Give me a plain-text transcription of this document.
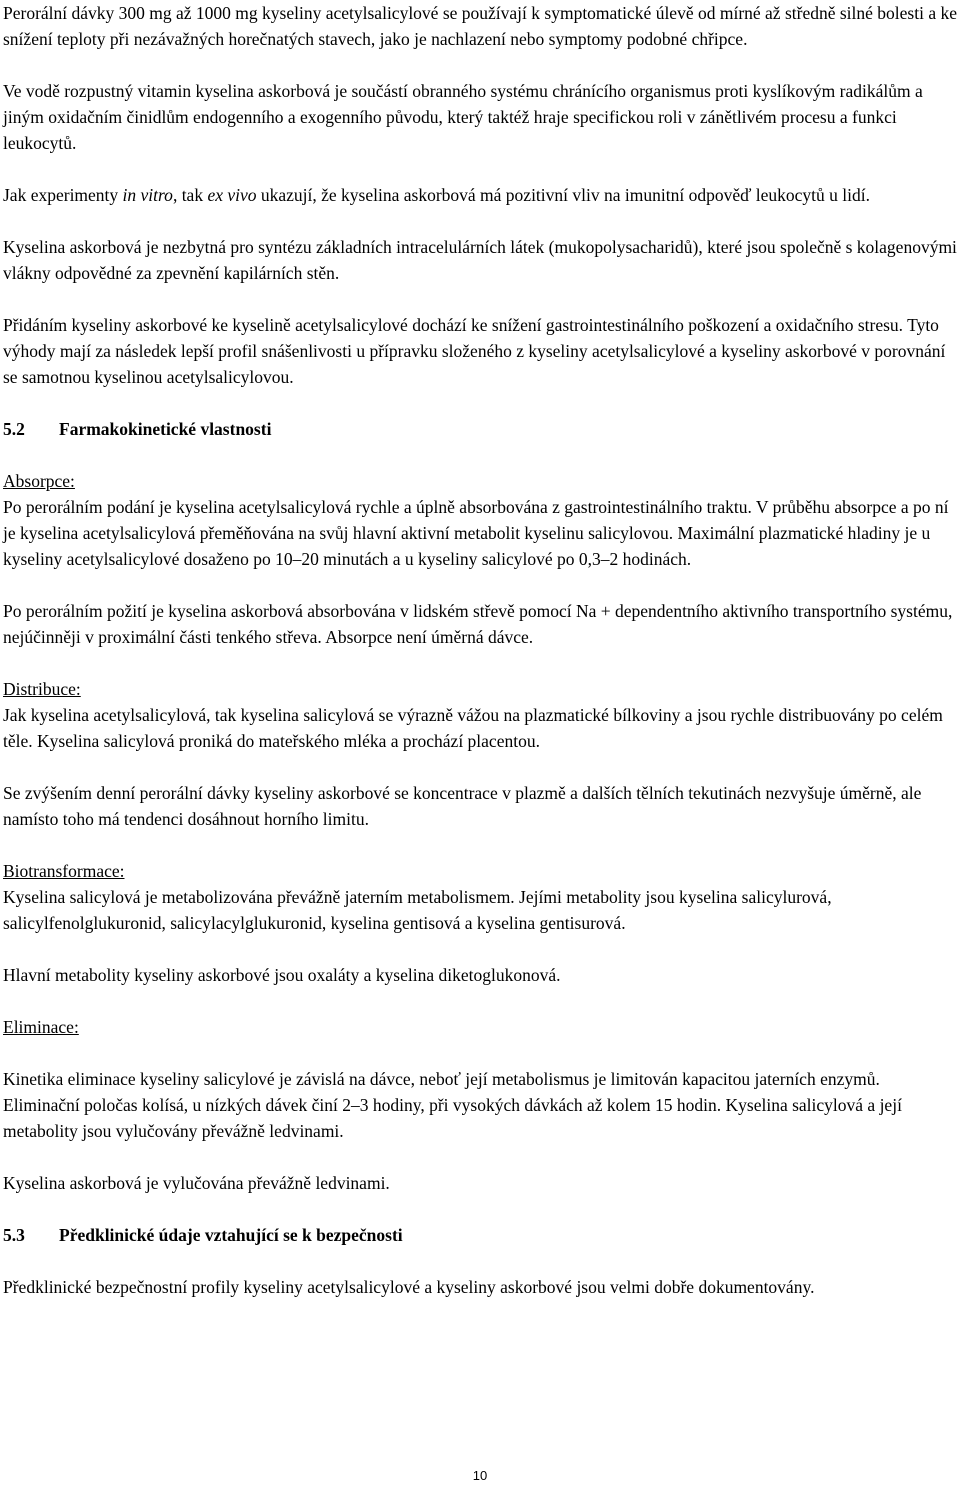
Perorální dávky 300 mg až 1000 mg kyseliny acetylsalicylové se používají k symptomatické úlevě od mírné až středně silné bolesti a ke snížení teploty při nezávažných horečnatých stavech, jako je nachlazení nebo symptomy podobné chřipce.

Ve vodě rozpustný vitamin kyselina askorbová je součástí obranného systému chránícího organismus proti kyslíkovým radikálům a jiným oxidačním činidlům endogenního a exogenního původu, který taktéž hraje specifickou roli v zánětlivém procesu a funkci leukocytů.

Jak experimenty in vitro, tak ex vivo ukazují, že kyselina askorbová má pozitivní vliv na imunitní odpověď leukocytů u lidí.

Kyselina askorbová je nezbytná pro syntézu základních intracelulárních látek (mukopolysacharidů), které jsou společně s kolagenovými vlákny odpovědné za zpevnění kapilárních stěn.

Přidáním kyseliny askorbové ke kyselině acetylsalicylové dochází ke snížení gastrointestinálního poškození a oxidačního stresu. Tyto výhody mají za následek lepší profil snášenlivosti u přípravku složeného z kyseliny acetylsalicylové a kyseliny askorbové v porovnání se samotnou kyselinou acetylsalicylovou.

5.2	Farmakokinetické vlastnosti

Absorpce:

Po perorálním podání je kyselina acetylsalicylová rychle a úplně absorbována z gastrointestinálního traktu. V průběhu absorpce a po ní je kyselina acetylsalicylová přeměňována na svůj hlavní aktivní metabolit kyselinu salicylovou. Maximální plazmatické hladiny je u kyseliny acetylsalicylové dosaženo po 10–20 minutách a u kyseliny salicylové po 0,3–2 hodinách.

Po perorálním požití je kyselina askorbová absorbována v lidském střevě pomocí Na + dependentního aktivního transportního systému, nejúčinněji v proximální části tenkého střeva. Absorpce není úměrná dávce.

Distribuce:

Jak kyselina acetylsalicylová, tak kyselina salicylová se výrazně vážou na plazmatické bílkoviny a jsou rychle distribuovány po celém těle. Kyselina salicylová proniká do mateřského mléka a prochází placentou.

Se zvýšením denní perorální dávky kyseliny askorbové se koncentrace v plazmě a dalších tělních tekutinách nezvyšuje úměrně, ale namísto toho má tendenci dosáhnout horního limitu.

Biotransformace:

Kyselina salicylová je metabolizována převážně jaterním metabolismem. Jejími metabolity jsou kyselina salicylurová, salicylfenolglukuronid, salicylacylglukuronid, kyselina gentisová a kyselina gentisurová.

Hlavní metabolity kyseliny askorbové jsou oxaláty a kyselina diketoglukonová.

Eliminace:

Kinetika eliminace kyseliny salicylové je závislá na dávce, neboť její metabolismus je limitován kapacitou jaterních enzymů. Eliminační poločas kolísá, u nízkých dávek činí 2–3 hodiny, při vysokých dávkách až kolem 15 hodin. Kyselina salicylová a její metabolity jsou vylučovány převážně ledvinami.

Kyselina askorbová je vylučována převážně ledvinami.

5.3	Předklinické údaje vztahující se k bezpečnosti

Předklinické bezpečnostní profily kyseliny acetylsalicylové a kyseliny askorbové jsou velmi dobře dokumentovány.

10
